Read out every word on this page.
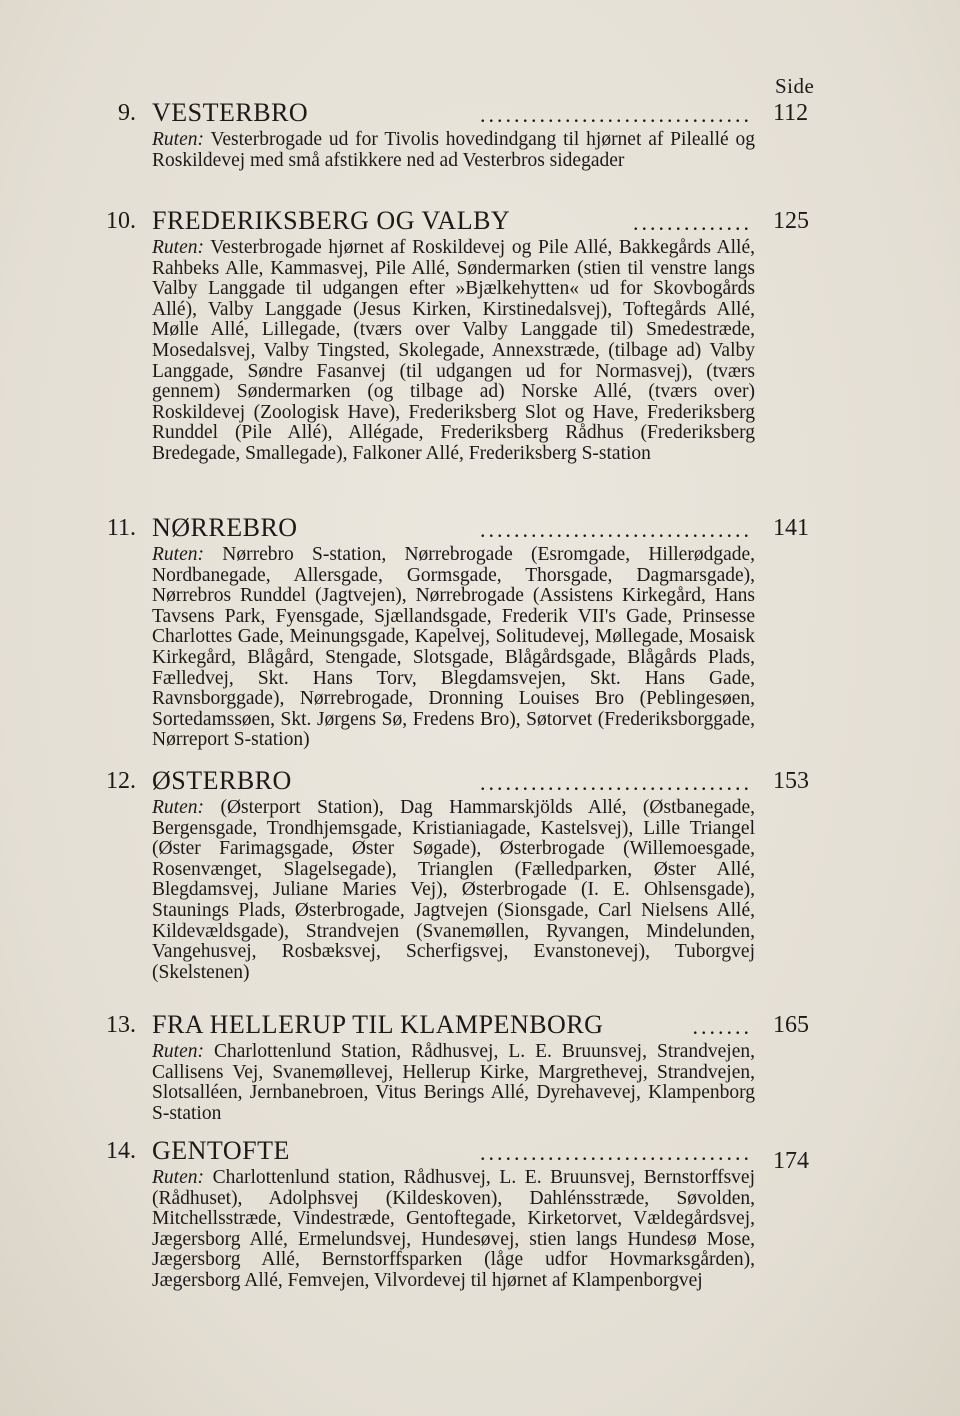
Side
9. VESTERBRO	................................ 112
Ruten: Vesterbrogade ud for Tivolis hovedindgang til hjørnet af Pileallé og Roskildevej med små afstikkere ned ad Vesterbros sidegader
10. FREDERIKSBERG OG VALBY	.............. 125
Ruten: Vesterbrogade hjørnet af Roskildevej og Pile Allé, Bakkegårds Allé, Rahbeks Alle, Kammasvej, Pile Allé, Søndermarken (stien til venstre langs Valby Langgade til udgangen efter »Bjælkehytten« ud for Skovbogårds Allé), Valby Langgade (Jesus Kirken, Kirstinedalsvej), Toftegårds Allé, Mølle Allé, Lillegade, (tværs over Valby Langgade til) Smedestræde, Mosedalsvej, Valby Tingsted, Skolegade, Annexstræde, (tilbage ad) Valby Langgade, Søndre Fasanvej (til udgangen ud for Normasvej), (tværs gennem) Søndermarken (og tilbage ad) Norske Allé, (tværs over) Roskildevej (Zoologisk Have), Frederiksberg Slot og Have, Frederiksberg Runddel (Pile Allé), Allégade, Frederiksberg Rådhus (Frederiksberg Bredegade, Smallegade), Falkoner Allé, Frederiksberg S-station
11. NØRREBRO	................................ 141
Ruten: Nørrebro S-station, Nørrebrogade (Esromgade, Hillerødgade, Nordbanegade, Allersgade, Gormsgade, Thorsgade, Dagmarsgade), Nørrebros Runddel (Jagtvejen), Nørrebrogade (Assistens Kirkegård, Hans Tavsens Park, Fyensgade, Sjællandsgade, Frederik VII's Gade, Prinsesse Charlottes Gade, Meinungsgade, Kapelvej, Solitudevej, Møllegade, Mosaisk Kirkegård, Blågård, Stengade, Slotsgade, Blågårdsgade, Blågårds Plads, Fælledvej, Skt. Hans Torv, Blegdamsvejen, Skt. Hans Gade, Ravnsborggade), Nørrebrogade, Dronning Louises Bro (Peblingesøen, Sortedamssøen, Skt. Jørgens Sø, Fredens Bro), Søtorvet (Frederiksborggade, Nørreport S-station)
12. ØSTERBRO	................................ 153
Ruten: (Østerport Station), Dag Hammarskjölds Allé, (Østbanegade, Bergensgade, Trondhjemsgade, Kristianiagade, Kastelsvej), Lille Triangel (Øster Farimagsgade, Øster Søgade), Østerbrogade (Willemoesgade, Rosenvænget, Slagelsegade), Trianglen (Fælledparken, Øster Allé, Blegdamsvej, Juliane Maries Vej), Østerbrogade (I. E. Ohlsensgade), Staunings Plads, Østerbrogade, Jagtvejen (Sionsgade, Carl Nielsens Allé, Kildevældsgade), Strandvejen (Svanemøllen, Ryvangen, Mindelunden, Vangehusvej, Rosbæksvej, Scherfigsvej, Evanstonevej), Tuborgvej (Skelstenen)
13. FRA HELLERUP TIL KLAMPENBORG	....... 165
Ruten: Charlottenlund Station, Rådhusvej, L. E. Bruunsvej, Strandvejen, Callisens Vej, Svanemøllevej, Hellerup Kirke, Margrethevej, Strandvejen, Slotsalléen, Jernbanebroen, Vitus Berings Allé, Dyrehavevej, Klampenborg S-station
14. GENTOFTE	................................ 174
Ruten: Charlottenlund station, Rådhusvej, L. E. Bruunsvej, Bernstorffsvej (Rådhuset), Adolphsvej (Kildeskoven), Dahlénsstræde, Søvolden, Mitchellsstræde, Vindestræde, Gentoftegade, Kirketorvet, Vældegårdsvej, Jægersborg Allé, Ermelundsvej, Hundesøvej, stien langs Hundesø Mose, Jægersborg Allé, Bernstorffsparken (låge udfor Hovmarksgården), Jægersborg Allé, Femvejen, Vilvordevej til hjørnet af Klampenborgvej
